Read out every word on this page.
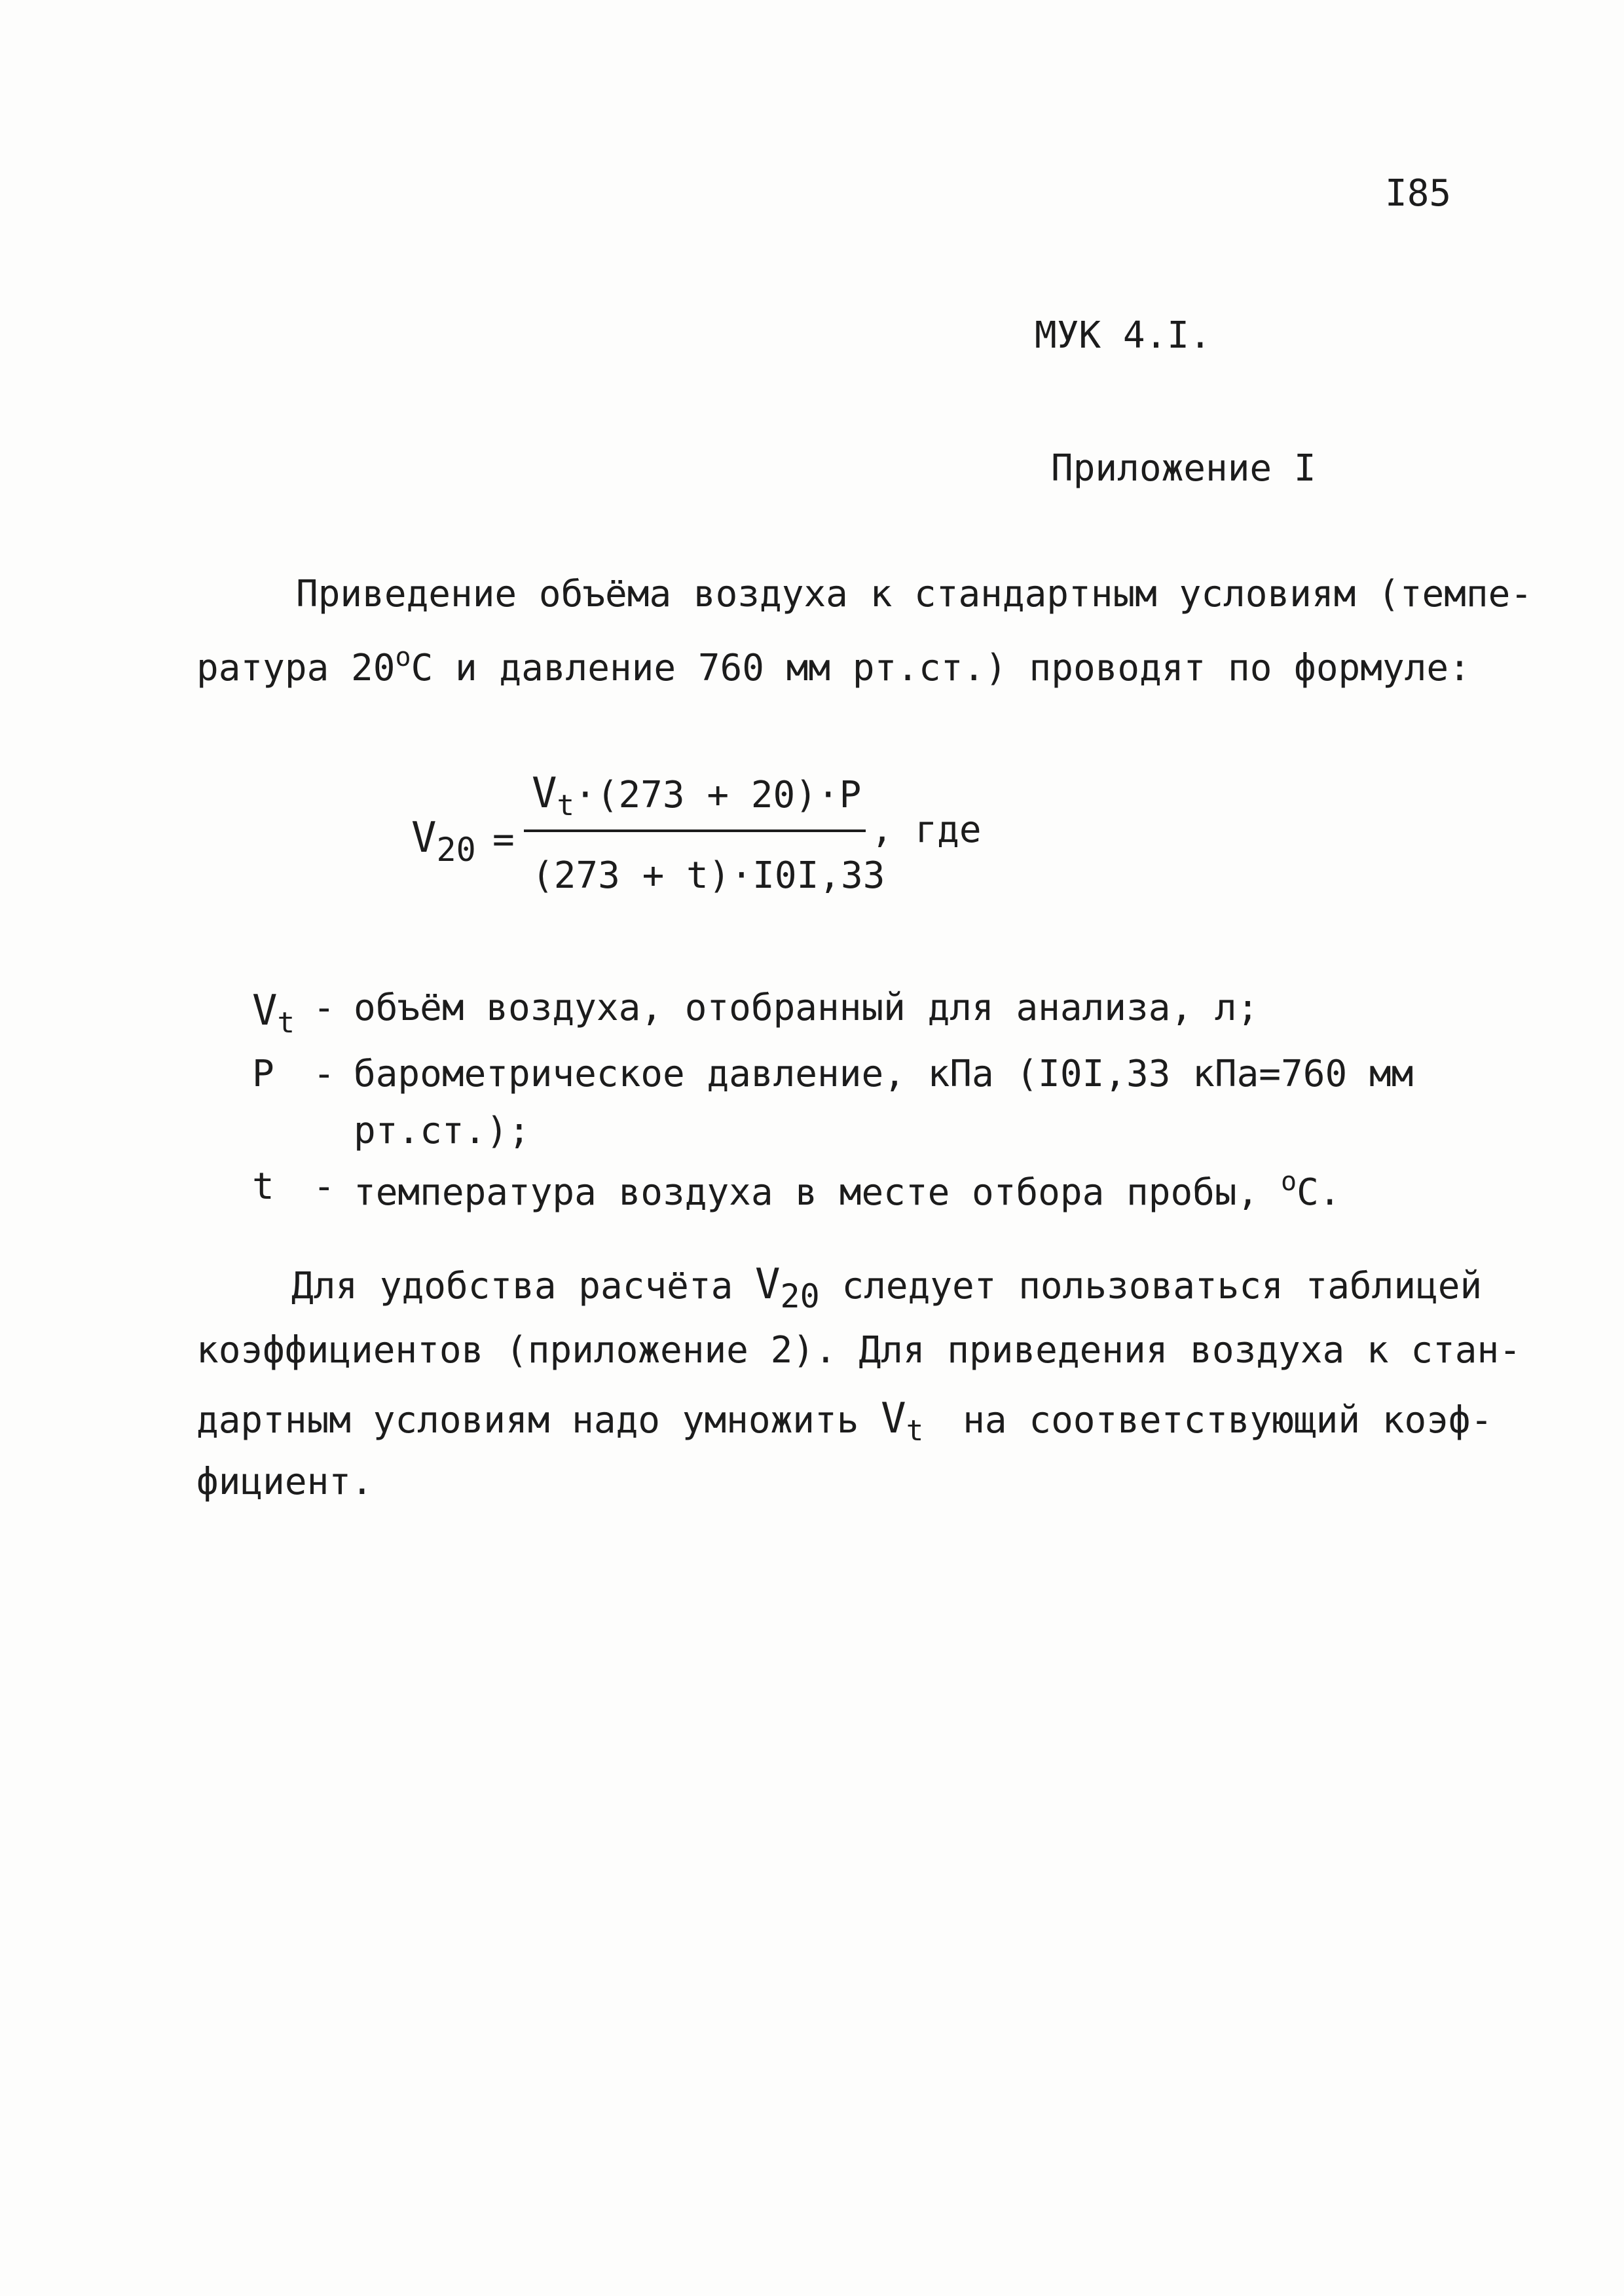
I85
МУК 4.I.
Приложение I
Приведение объёма воздуха к стандартным условиям (темпе-
ратура $20^оС$ и давление 760 мм рт.ст.) проводят по формуле:
V20 =
$V_t\cdot(273 + 20)\cdot P$
, где
(273 + t)·I0I,33
$V_t$ - объём воздуха, отобранный для анализа, л;
P - барометрическое давление, кПа (I0I,33 кПа=760 мм
рт.ст.);
t - температура воздуха в месте отбора пробы, $^о$С.
Для удобства расчёта V20 следует пользоваться таблицей
коэффициентов (приложение 2). Для приведения воздуха к стан-
дартным условиям надо умножить $V_t$ на соответствующий коэф-
фициент.
